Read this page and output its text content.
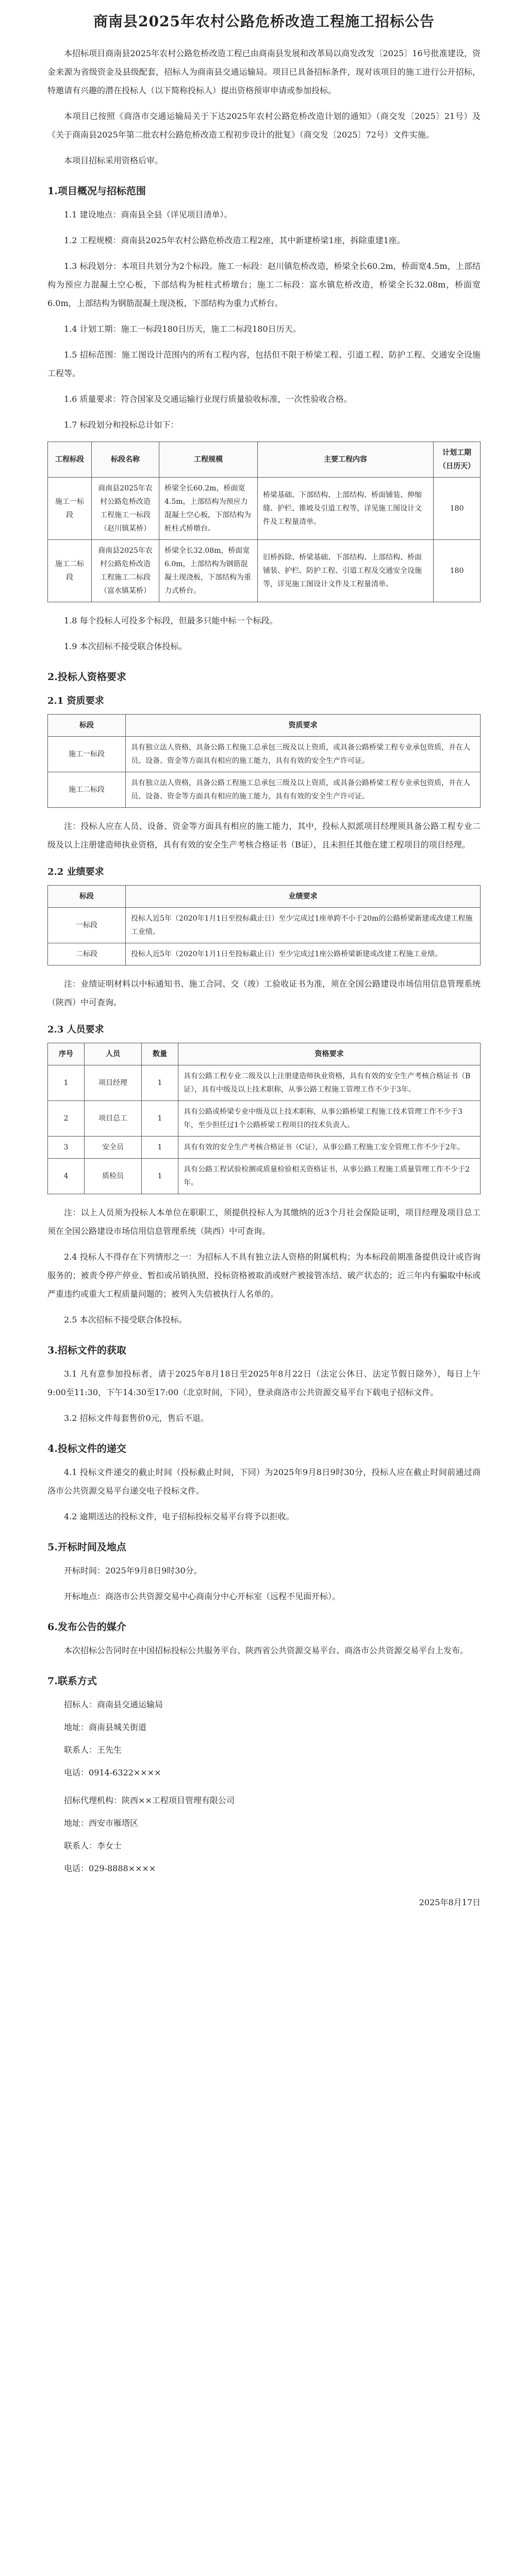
商南县2025年农村公路危桥改造工程施工招标公告

本招标项目商南县2025年农村公路危桥改造工程已由商南县发展和改革局以商发改发〔2025〕16号批准建设，资金来源为省级资金及县级配套，招标人为商南县交通运输局。项目已具备招标条件，现对该项目的施工进行公开招标，特邀请有兴趣的潜在投标人（以下简称投标人）提出资格预审申请或参加投标。

本项目已按照《商洛市交通运输局关于下达2025年农村公路危桥改造计划的通知》（商交发〔2025〕21号）及《关于商南县2025年第二批农村公路危桥改造工程初步设计的批复》（商交发〔2025〕72号）文件实施。

本项目招标采用资格后审。

1.项目概况与招标范围

1.1 建设地点：商南县全县（详见项目清单）。

1.2 工程规模：商南县2025年农村公路危桥改造工程2座，其中新建桥梁1座，拆除重建1座。

1.3 标段划分：本项目共划分为2个标段。施工一标段：赵川镇危桥改造，桥梁全长60.2m，桥面宽4.5m，上部结构为预应力混凝土空心板，下部结构为桩柱式桥墩台；施工二标段：富水镇危桥改造，桥梁全长32.08m，桥面宽6.0m，上部结构为钢筋混凝土现浇板，下部结构为重力式桥台。

1.4 计划工期：施工一标段180日历天，施工二标段180日历天。

1.5 招标范围：施工图设计范围内的所有工程内容，包括但不限于桥梁工程、引道工程、防护工程、交通安全设施工程等。

1.6 质量要求：符合国家及交通运输行业现行质量验收标准，一次性验收合格。

1.7 标段划分和投标总计如下：

工程标段	标段名称	工程规模	主要工程内容	计划工期（日历天）
施工一标段	商南县2025年农村公路危桥改造工程施工一标段（赵川镇某桥）	桥梁全长60.2m，桥面宽4.5m，上部结构为预应力混凝土空心板，下部结构为桩柱式桥墩台。	桥梁基础、下部结构、上部结构、桥面铺装、伸缩缝、护栏、锥坡及引道工程等，详见施工图设计文件及工程量清单。	180
施工二标段	商南县2025年农村公路危桥改造工程施工二标段（富水镇某桥）	桥梁全长32.08m，桥面宽6.0m，上部结构为钢筋混凝土现浇板，下部结构为重力式桥台。	旧桥拆除、桥梁基础、下部结构、上部结构、桥面铺装、护栏、防护工程、引道工程及交通安全设施等，详见施工图设计文件及工程量清单。	180

1.8 每个投标人可投多个标段，但最多只能中标一个标段。

1.9 本次招标不接受联合体投标。

2.投标人资格要求
2.1 资质要求
标段	资质要求
施工一标段	具有独立法人资格，具备公路工程施工总承包三级及以上资质，或具备公路桥梁工程专业承包资质，并在人员、设备、资金等方面具有相应的施工能力，具有有效的安全生产许可证。
施工二标段	具有独立法人资格，具备公路工程施工总承包三级及以上资质，或具备公路桥梁工程专业承包资质，并在人员、设备、资金等方面具有相应的施工能力，具有有效的安全生产许可证。

注：投标人应在人员、设备、资金等方面具有相应的施工能力，其中，投标人拟派项目经理须具备公路工程专业二级及以上注册建造师执业资格，具有有效的安全生产考核合格证书（B证），且未担任其他在建工程项目的项目经理。

2.2 业绩要求
标段	业绩要求
一标段	投标人近5年（2020年1月1日至投标截止日）至少完成过1座单跨不小于20m的公路桥梁新建或改建工程施工业绩。
二标段	投标人近5年（2020年1月1日至投标截止日）至少完成过1座公路桥梁新建或改建工程施工业绩。

注：业绩证明材料以中标通知书、施工合同、交（竣）工验收证书为准，须在全国公路建设市场信用信息管理系统（陕西）中可查询。

2.3 人员要求
序号	人员	数量	资格要求
1	项目经理	1	具有公路工程专业二级及以上注册建造师执业资格，具有有效的安全生产考核合格证书（B证），具有中级及以上技术职称，从事公路工程施工管理工作不少于3年。
2	项目总工	1	具有公路或桥梁专业中级及以上技术职称，从事公路桥梁工程施工技术管理工作不少于3年，至少担任过1个公路桥梁工程项目的技术负责人。
3	安全员	1	具有有效的安全生产考核合格证书（C证），从事公路工程施工安全管理工作不少于2年。
4	质检员	1	具有公路工程试验检测或质量检验相关资格证书，从事公路工程施工质量管理工作不少于2年。

注：以上人员须为投标人本单位在职职工，须提供投标人为其缴纳的近3个月社会保险证明，项目经理及项目总工须在全国公路建设市场信用信息管理系统（陕西）中可查询。

2.4 投标人不得存在下列情形之一：为招标人不具有独立法人资格的附属机构；为本标段前期准备提供设计或咨询服务的；被责令停产停业、暂扣或吊销执照、投标资格被取消或财产被接管冻结、破产状态的；近三年内有骗取中标或严重违约或重大工程质量问题的；被列入失信被执行人名单的。

2.5 本次招标不接受联合体投标。

3.招标文件的获取

3.1 凡有意参加投标者，请于2025年8月18日至2025年8月22日（法定公休日、法定节假日除外），每日上午9:00至11:30，下午14:30至17:00（北京时间，下同），登录商洛市公共资源交易平台下载电子招标文件。

3.2 招标文件每套售价0元，售后不退。

4.投标文件的递交

4.1 投标文件递交的截止时间（投标截止时间，下同）为2025年9月8日9时30分，投标人应在截止时间前通过商洛市公共资源交易平台递交电子投标文件。

4.2 逾期送达的投标文件，电子招标投标交易平台将予以拒收。

5.开标时间及地点

开标时间：2025年9月8日9时30分。

开标地点：商洛市公共资源交易中心商南分中心开标室（远程不见面开标）。

6.发布公告的媒介

本次招标公告同时在中国招标投标公共服务平台、陕西省公共资源交易平台、商洛市公共资源交易平台上发布。

7.联系方式
招标人：商南县交通运输局
地址：商南县城关街道
联系人：王先生
电话：0914-6322××××
招标代理机构：陕西××工程项目管理有限公司
地址：西安市雁塔区
联系人：李女士
电话：029-8888××××
2025年8月17日
